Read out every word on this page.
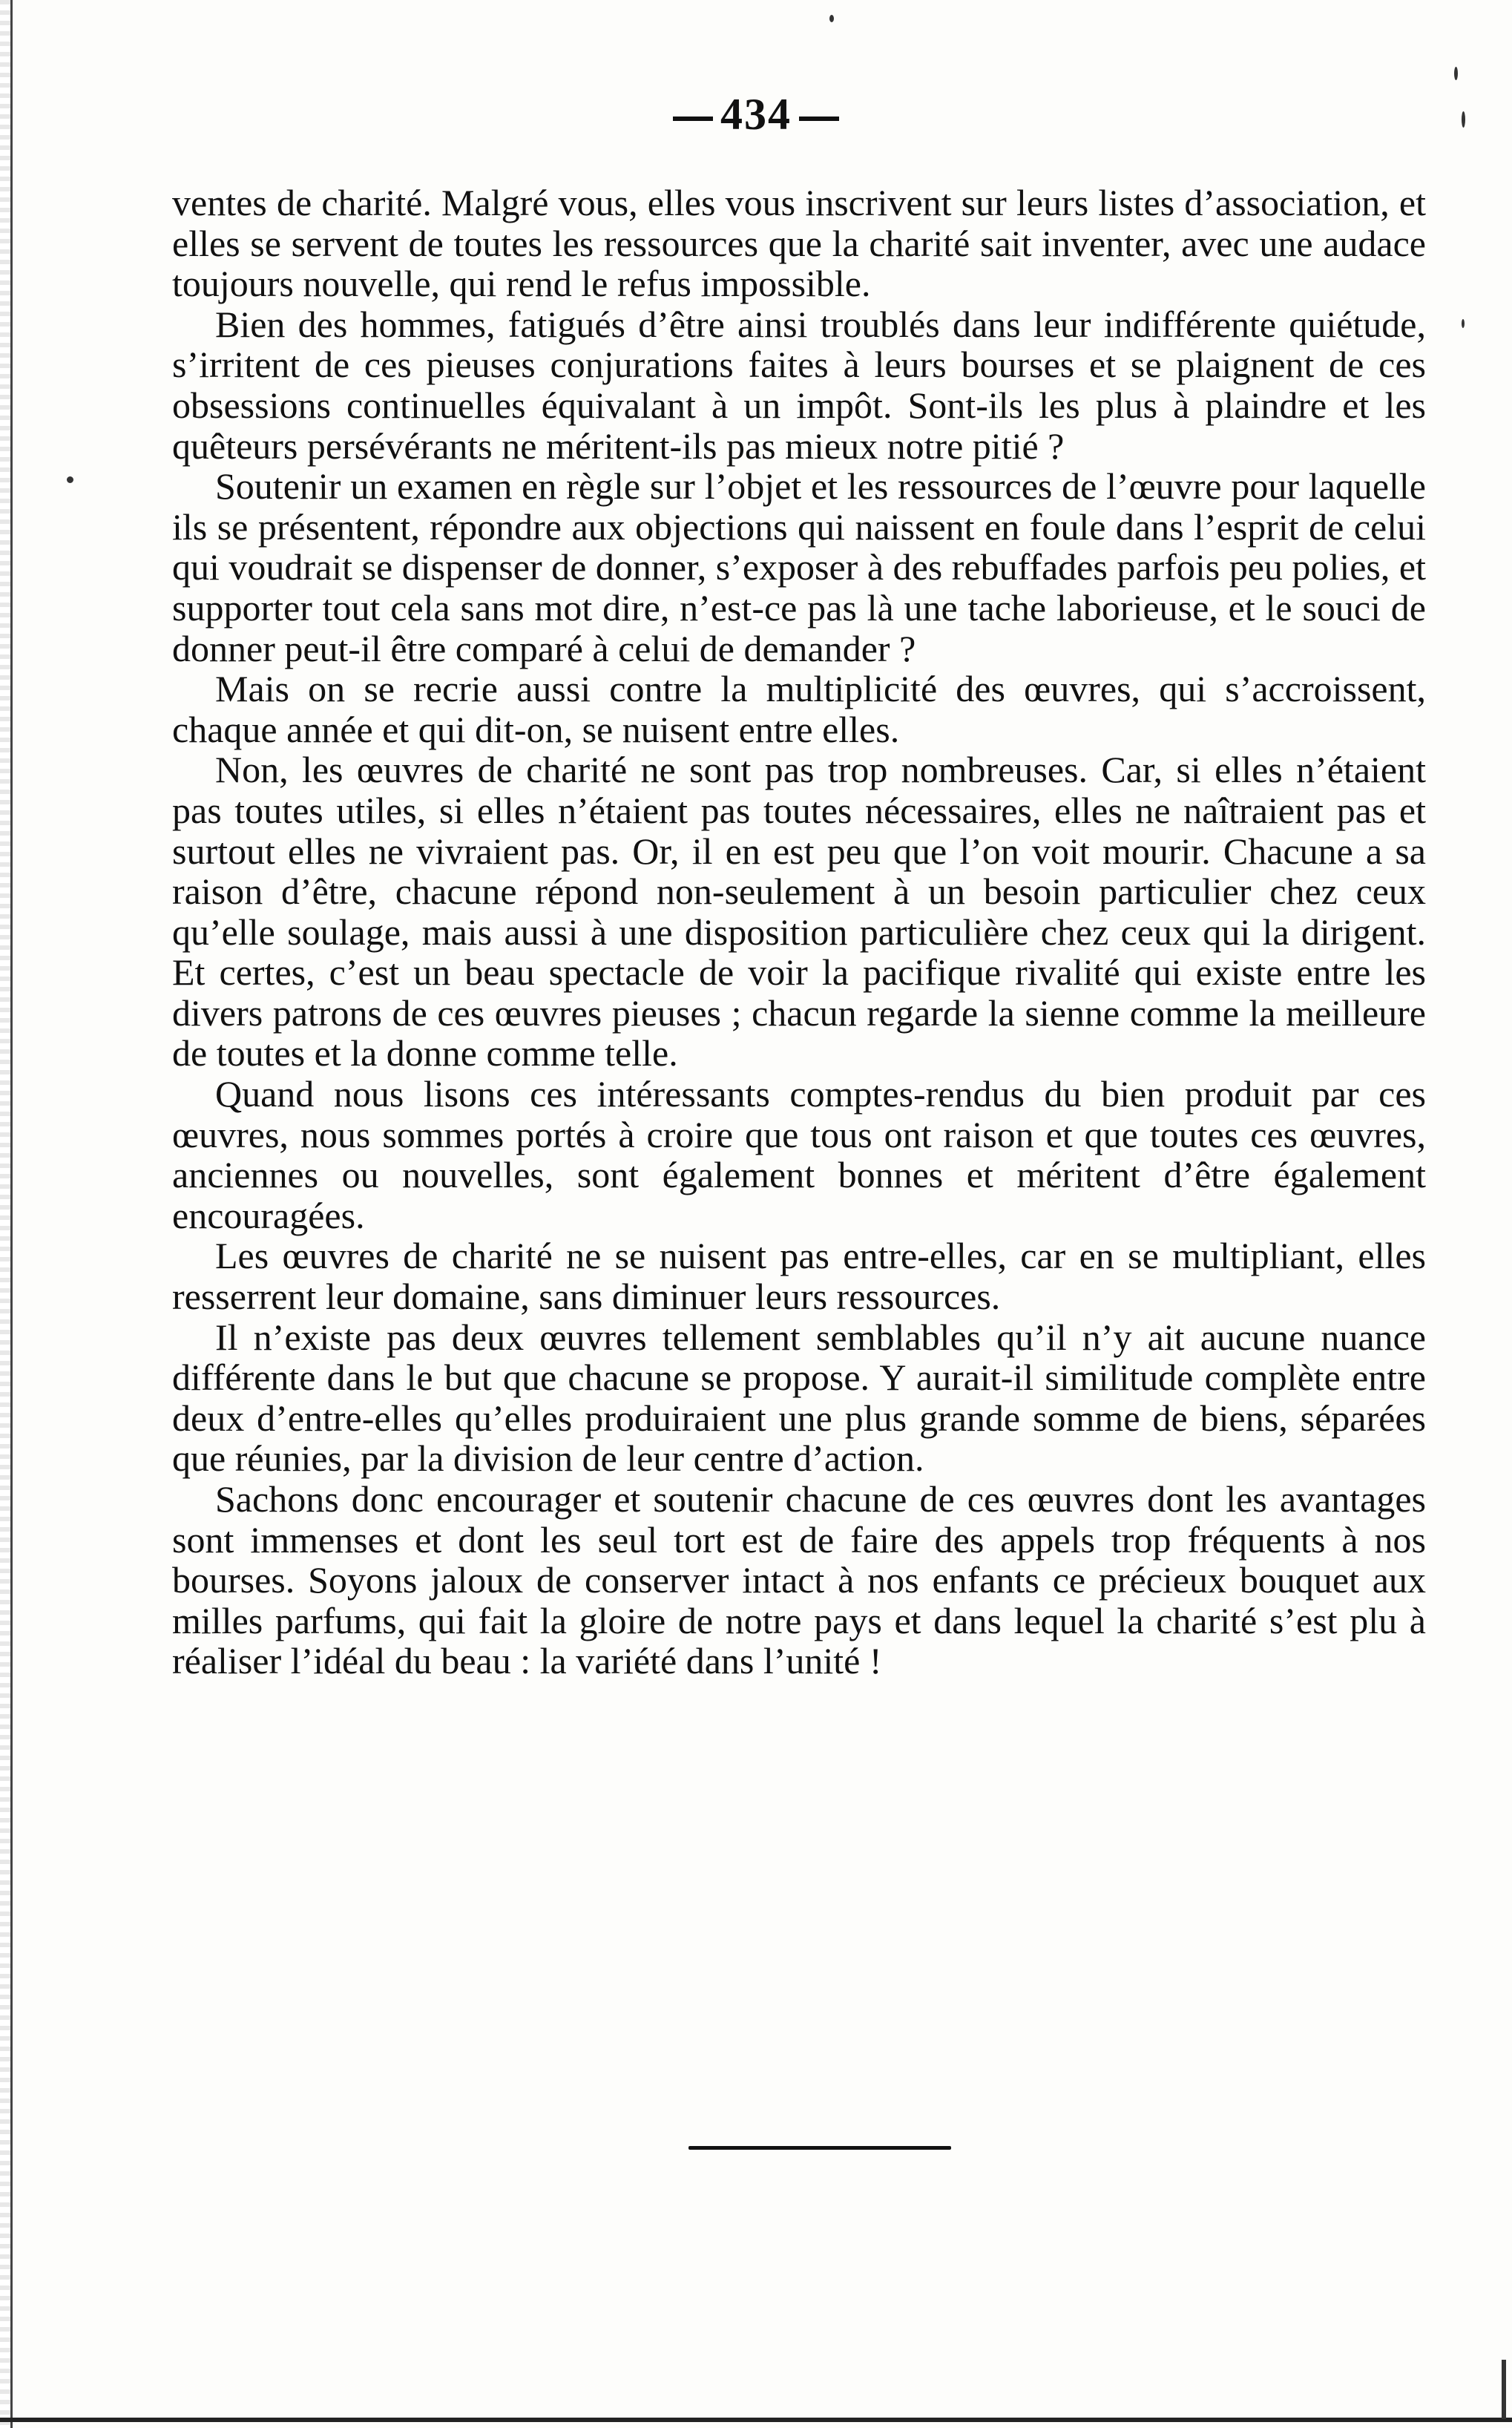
434

ventes de charité. Malgré vous, elles vous inscrivent sur leurs listes d’association, et elles se servent de toutes les ressources que la charité sait inventer, avec une audace toujours nouvelle, qui rend le refus impossible.

Bien des hommes, fatigués d’être ainsi troublés dans leur indifférente quiétude, s’irritent de ces pieuses conjurations faites à leurs bourses et se plaignent de ces obsessions continuelles équivalant à un impôt. Sont-ils les plus à plaindre et les quêteurs persévérants ne méritent-ils pas mieux notre pitié ?

Soutenir un examen en règle sur l’objet et les ressources de l’œuvre pour laquelle ils se présentent, répondre aux objections qui naissent en foule dans l’esprit de celui qui voudrait se dispenser de donner, s’exposer à des rebuffades parfois peu polies, et supporter tout cela sans mot dire, n’est-ce pas là une tache laborieuse, et le souci de donner peut-il être comparé à celui de demander ?

Mais on se recrie aussi contre la multiplicité des œuvres, qui s’accroissent, chaque année et qui dit-on, se nuisent entre elles.

Non, les œuvres de charité ne sont pas trop nombreuses. Car, si elles n’étaient pas toutes utiles, si elles n’étaient pas toutes nécessaires, elles ne naîtraient pas et surtout elles ne vivraient pas. Or, il en est peu que l’on voit mourir. Chacune a sa raison d’être, chacune répond non-seulement à un besoin particulier chez ceux qu’elle soulage, mais aussi à une disposition particulière chez ceux qui la dirigent. Et certes, c’est un beau spectacle de voir la pacifique rivalité qui existe entre les divers patrons de ces œuvres pieuses ; chacun regarde la sienne comme la meilleure de toutes et la donne comme telle.

Quand nous lisons ces intéressants comptes-rendus du bien produit par ces œuvres, nous sommes portés à croire que tous ont raison et que toutes ces œuvres, anciennes ou nouvelles, sont également bonnes et méritent d’être également encouragées.

Les œuvres de charité ne se nuisent pas entre-elles, car en se multipliant, elles resserrent leur domaine, sans diminuer leurs ressources.

Il n’existe pas deux œuvres tellement semblables qu’il n’y ait aucune nuance différente dans le but que chacune se propose. Y aurait-il similitude complète entre deux d’entre-elles qu’elles produiraient une plus grande somme de biens, séparées que réunies, par la division de leur centre d’action.

Sachons donc encourager et soutenir chacune de ces œuvres dont les avantages sont immenses et dont les seul tort est de faire des appels trop fréquents à nos bourses. Soyons jaloux de conserver intact à nos enfants ce précieux bouquet aux milles parfums, qui fait la gloire de notre pays et dans lequel la charité s’est plu à réaliser l’idéal du beau : la variété dans l’unité !
